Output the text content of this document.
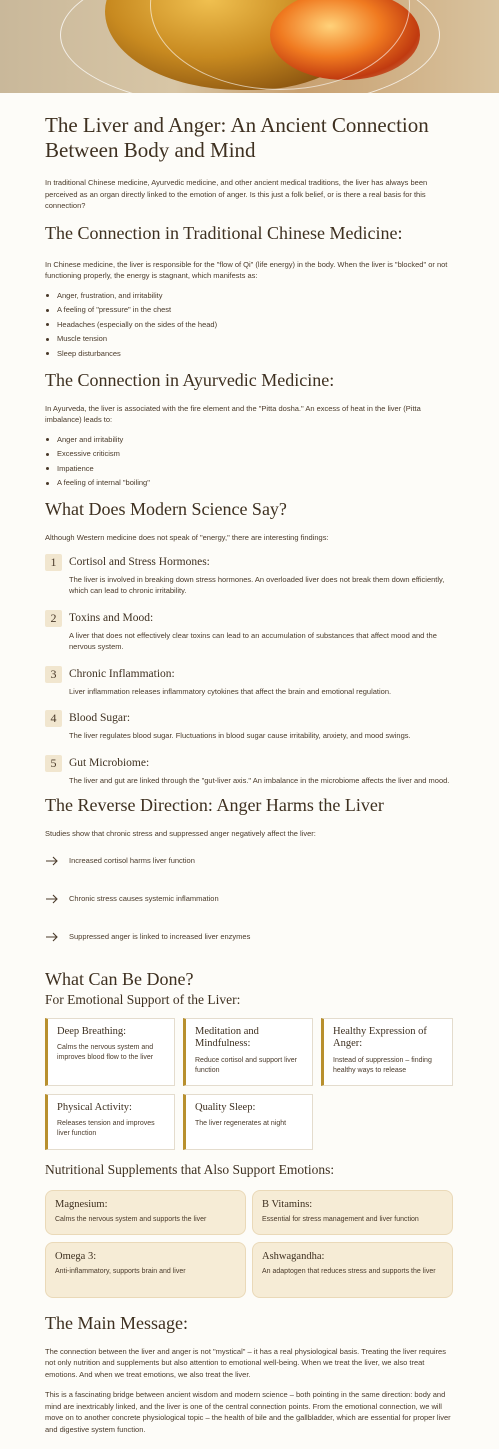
The Liver and Anger: An Ancient Connection Between Body and Mind

In traditional Chinese medicine, Ayurvedic medicine, and other ancient medical traditions, the liver has always been perceived as an organ directly linked to the emotion of anger. Is this just a folk belief, or is there a real basis for this connection?

The Connection in Traditional Chinese Medicine:

In Chinese medicine, the liver is responsible for the "flow of Qi" (life energy) in the body. When the liver is "blocked" or not functioning properly, the energy is stagnant, which manifests as:

Anger, frustration, and irritability
A feeling of "pressure" in the chest
Headaches (especially on the sides of the head)
Muscle tension
Sleep disturbances
The Connection in Ayurvedic Medicine:

In Ayurveda, the liver is associated with the fire element and the "Pitta dosha." An excess of heat in the liver (Pitta imbalance) leads to:

Anger and irritability
Excessive criticism
Impatience
A feeling of internal "boiling"
What Does Modern Science Say?

Although Western medicine does not speak of "energy," there are interesting findings:

1	Cortisol and Stress Hormones:

The liver is involved in breaking down stress hormones. An overloaded liver does not break them down efficiently, which can lead to chronic irritability.

2	Toxins and Mood:

A liver that does not effectively clear toxins can lead to an accumulation of substances that affect mood and the nervous system.

3	Chronic Inflammation:

Liver inflammation releases inflammatory cytokines that affect the brain and emotional regulation.

4	Blood Sugar:

The liver regulates blood sugar. Fluctuations in blood sugar cause irritability, anxiety, and mood swings.

5	Gut Microbiome:

The liver and gut are linked through the "gut-liver axis." An imbalance in the microbiome affects the liver and mood.

The Reverse Direction: Anger Harms the Liver

Studies show that chronic stress and suppressed anger negatively affect the liver:

Increased cortisol harms liver function
Chronic stress causes systemic inflammation
Suppressed anger is linked to increased liver enzymes
What Can Be Done?
For Emotional Support of the Liver:
Deep Breathing:
Calms the nervous system and improves blood flow to the liver
Meditation and Mindfulness:
Reduce cortisol and support liver function
Healthy Expression of Anger:
Instead of suppression – finding healthy ways to release
Physical Activity:
Releases tension and improves liver function
Quality Sleep:
The liver regenerates at night
Nutritional Supplements that Also Support Emotions:
Magnesium:
Calms the nervous system and supports the liver
B Vitamins:
Essential for stress management and liver function
Omega 3:
Anti-inflammatory, supports brain and liver
Ashwagandha:
An adaptogen that reduces stress and supports the liver
The Main Message:

The connection between the liver and anger is not "mystical" – it has a real physiological basis. Treating the liver requires not only nutrition and supplements but also attention to emotional well-being. When we treat the liver, we also treat emotions. And when we treat emotions, we also treat the liver.

This is a fascinating bridge between ancient wisdom and modern science – both pointing in the same direction: body and mind are inextricably linked, and the liver is one of the central connection points. From the emotional connection, we will move on to another concrete physiological topic – the health of bile and the gallbladder, which are essential for proper liver and digestive system function.
